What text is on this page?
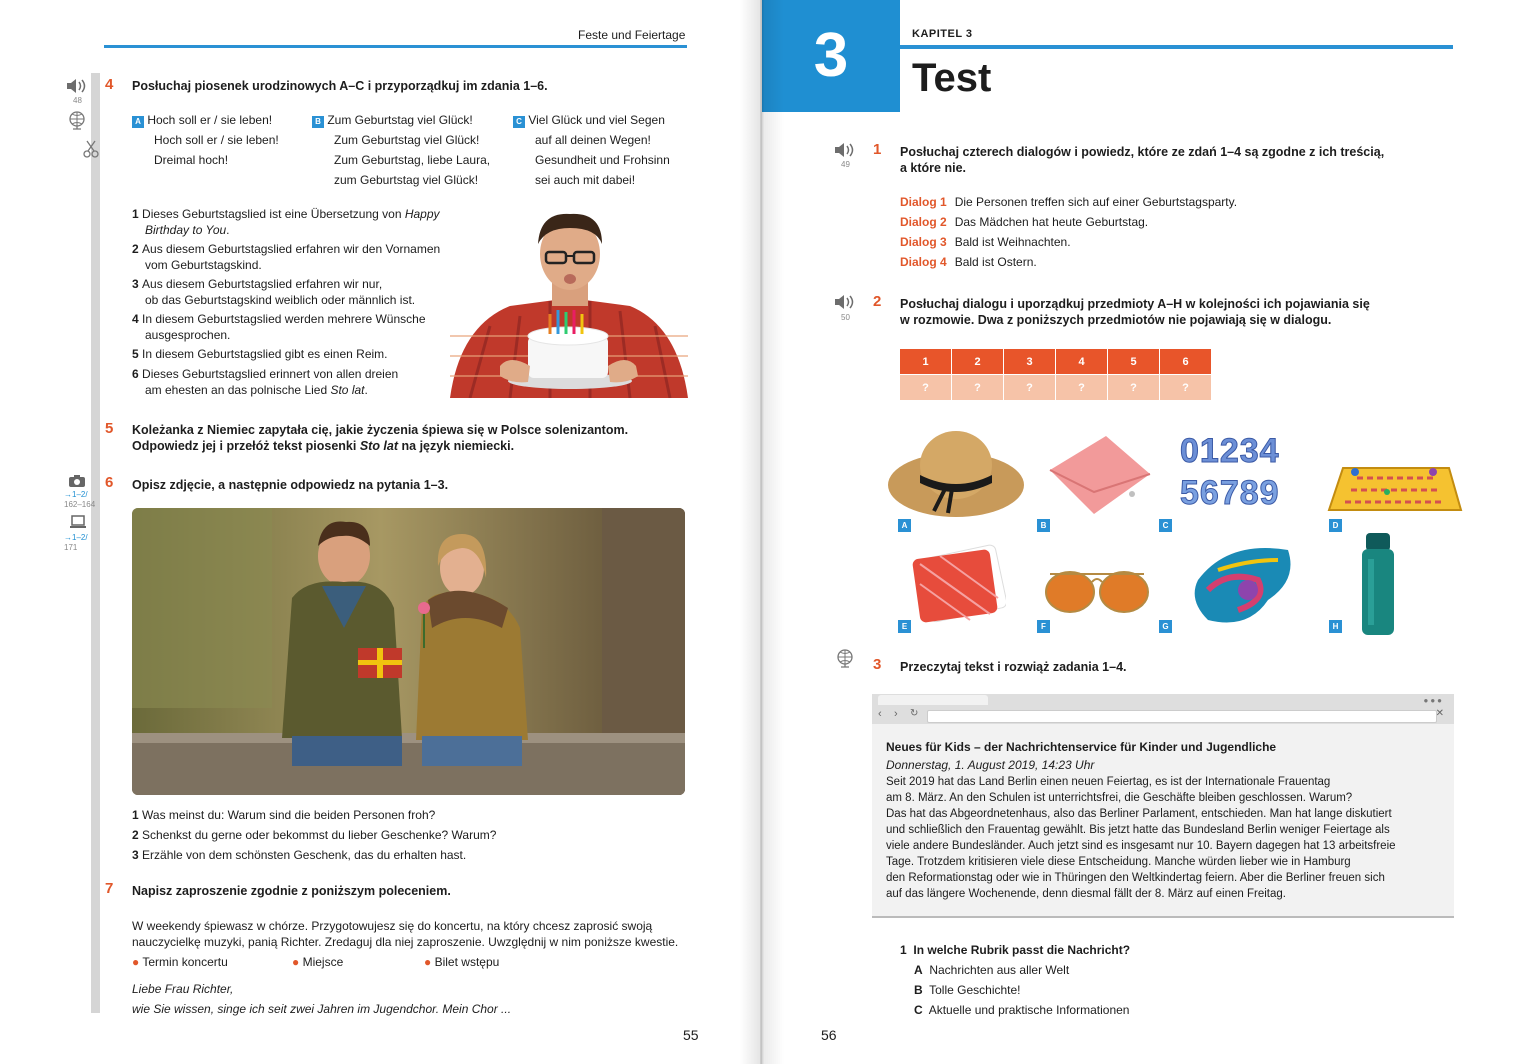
Feste und Feiertage
48
4 Posłuchaj piosenek urodzinowych A–C i przyporządkuj im zdania 1–6.
A Hoch soll er / sie leben!
Hoch soll er / sie leben!
Dreimal hoch!
B Zum Geburtstag viel Glück!
Zum Geburtstag viel Glück!
Zum Geburtstag, liebe Laura,
zum Geburtstag viel Glück!
C Viel Glück und viel Segen
auf all deinen Wegen!
Gesundheit und Frohsinn
sei auch mit dabei!
1 Dieses Geburtstagslied ist eine Übersetzung von Happy
Birthday to You.
2 Aus diesem Geburtstagslied erfahren wir den Vornamen
vom Geburtstagskind.
3 Aus diesem Geburtstagslied erfahren wir nur,
ob das Geburtstagskind weiblich oder männlich ist.
4 In diesem Geburtstagslied werden mehrere Wünsche
ausgesprochen.
5 In diesem Geburtstagslied gibt es einen Reim.
6 Dieses Geburtstagslied erinnert von allen dreien
am ehesten an das polnische Lied Sto lat.
5 Koleżanka z Niemiec zapytała cię, jakie życzenia śpiewa się w Polsce solenizantom.
Odpowiedz jej i przełóż tekst piosenki Sto lat na język niemiecki.
→1–2/
162–164
→1–2/
171
6 Opisz zdjęcie, a następnie odpowiedz na pytania 1–3.
1 Was meinst du: Warum sind die beiden Personen froh?
2 Schenkst du gerne oder bekommst du lieber Geschenke? Warum?
3 Erzähle von dem schönsten Geschenk, das du erhalten hast.
7 Napisz zaproszenie zgodnie z poniższym poleceniem.
W weekendy śpiewasz w chórze. Przygotowujesz się do koncertu, na który chcesz zaprosić swoją
nauczycielkę muzyki, panią Richter. Zredaguj dla niej zaproszenie. Uwzględnij w nim poniższe kwestie.
● Termin koncertu	● Miejsce	● Bilet wstępu
Liebe Frau Richter,
wie Sie wissen, singe ich seit zwei Jahren im Jugendchor. Mein Chor ...
55
3	KAPITEL 3
Test
49
1 Posłuchaj czterech dialogów i powiedz, które ze zdań 1–4 są zgodne z ich treścią,
a które nie.
Dialog 1 Die Personen treffen sich auf einer Geburtstagsparty.
Dialog 2 Das Mädchen hat heute Geburtstag.
Dialog 3 Bald ist Weihnachten.
Dialog 4 Bald ist Ostern.
50
2 Posłuchaj dialogu i uporządkuj przedmioty A–H w kolejności ich pojawiania się
w rozmowie. Dwa z poniższych przedmiotów nie pojawiają się w dialogu.
1	2	3	4	5	6
?	?	?	?	?	?
A	B
01234
56789
C	D
E	F	G	H
3 Przeczytaj tekst i rozwiąż zadania 1–4.
●●●
‹ › ↻	✕
Neues für Kids – der Nachrichtenservice für Kinder und Jugendliche
Donnerstag, 1. August 2019, 14:23 Uhr
Seit 2019 hat das Land Berlin einen neuen Feiertag, es ist der Internationale Frauentag
am 8. März. An den Schulen ist unterrichtsfrei, die Geschäfte bleiben geschlossen. Warum?
Das hat das Abgeordnetenhaus, also das Berliner Parlament, entschieden. Man hat lange diskutiert
und schließlich den Frauentag gewählt. Bis jetzt hatte das Bundesland Berlin weniger Feiertage als
viele andere Bundesländer. Auch jetzt sind es insgesamt nur 10. Bayern dagegen hat 13 arbeitsfreie
Tage. Trotzdem kritisieren viele diese Entscheidung. Manche würden lieber wie in Hamburg
den Reformationstag oder wie in Thüringen den Weltkindertag feiern. Aber die Berliner freuen sich
auf das längere Wochenende, denn diesmal fällt der 8. März auf einen Freitag.
1 In welche Rubrik passt die Nachricht?
A Nachrichten aus aller Welt
B Tolle Geschichte!
C Aktuelle und praktische Informationen
56
